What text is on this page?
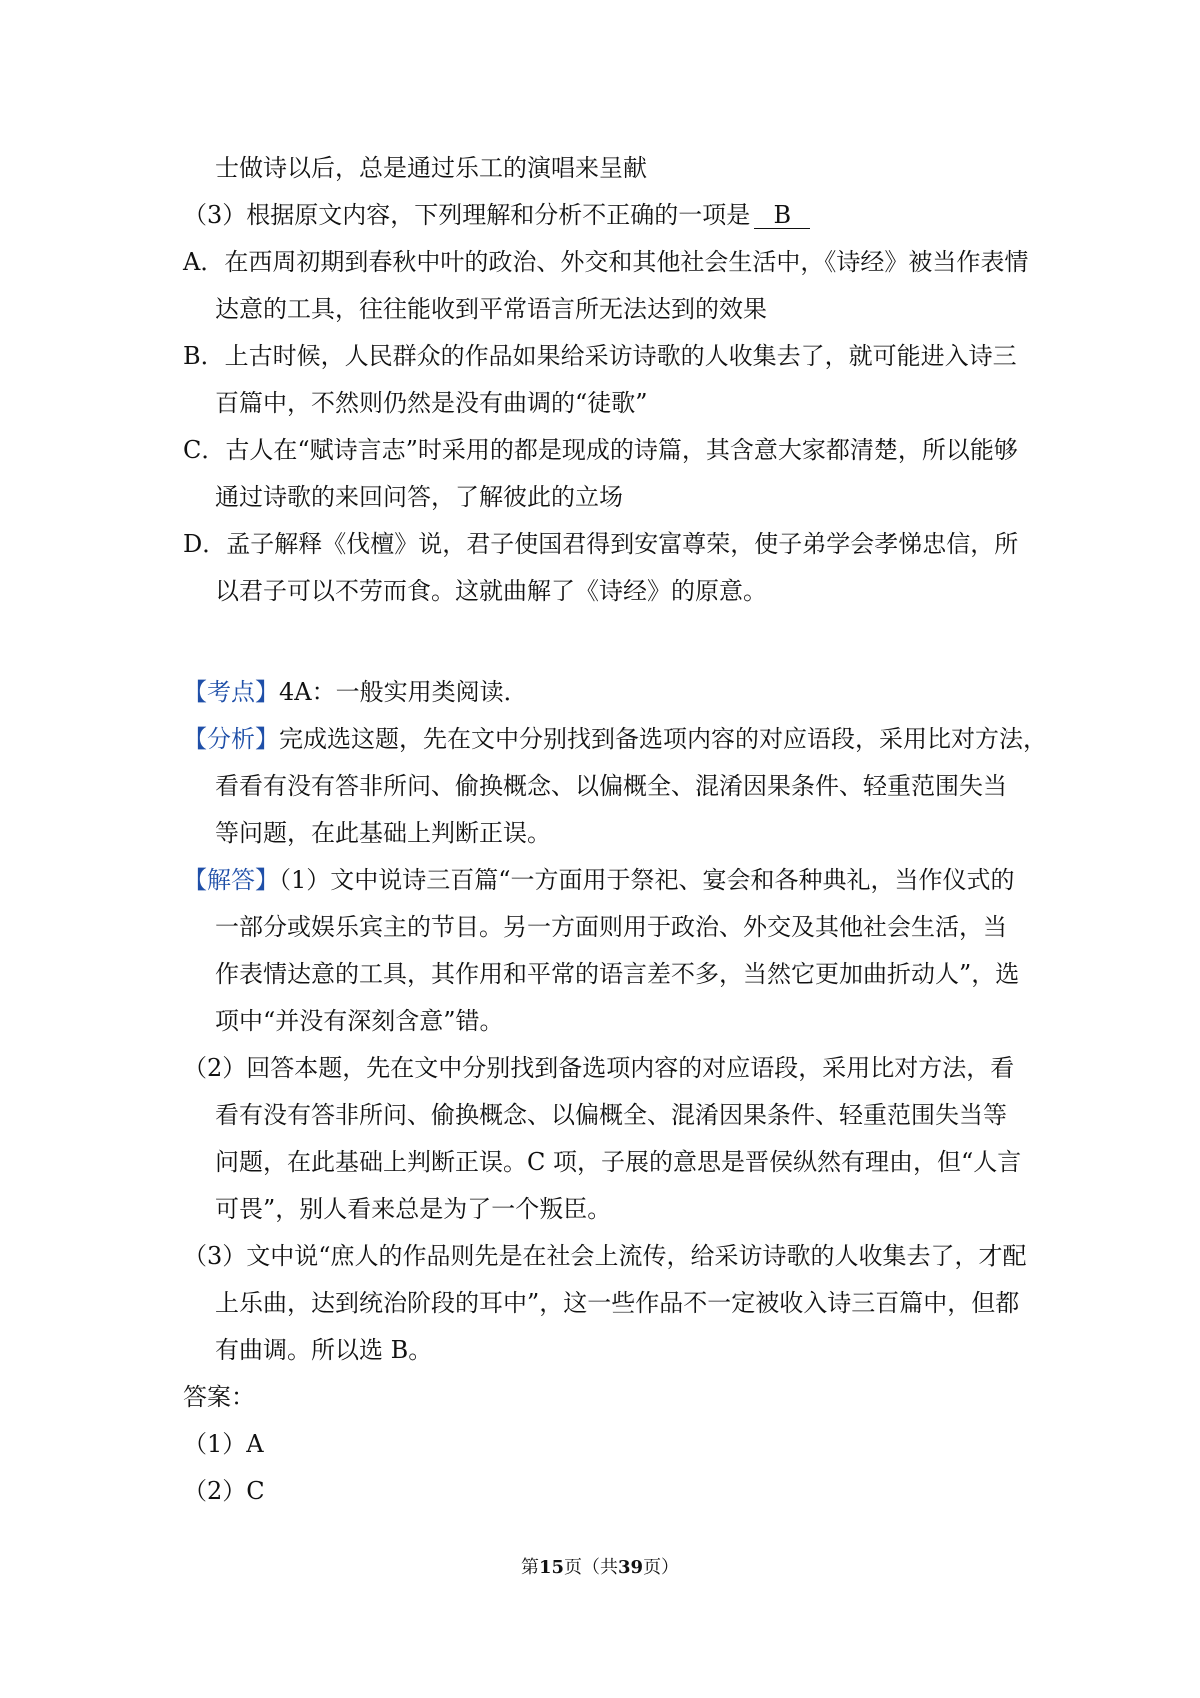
士做诗以后，总是通过乐工的演唱来呈献
（3）根据原文内容，下列理解和分析不正确的一项是 B
A．在西周初期到春秋中叶的政治、外交和其他社会生活中，《诗经》被当作表情
达意的工具，往往能收到平常语言所无法达到的效果
B．上古时候，人民群众的作品如果给采访诗歌的人收集去了，就可能进入诗三
百篇中，不然则仍然是没有曲调的“徒歌”
C．古人在“赋诗言志”时采用的都是现成的诗篇，其含意大家都清楚，所以能够
通过诗歌的来回问答，了解彼此的立场
D．孟子解释《伐檀》说，君子使国君得到安富尊荣，使子弟学会孝悌忠信，所
以君子可以不劳而食。这就曲解了《诗经》的原意。
【考点】4A：一般实用类阅读．
【分析】完成选这题，先在文中分别找到备选项内容的对应语段，采用比对方法，
看看有没有答非所问、偷换概念、以偏概全、混淆因果条件、轻重范围失当
等问题，在此基础上判断正误。
【解答】（1）文中说诗三百篇“一方面用于祭祀、宴会和各种典礼，当作仪式的
一部分或娱乐宾主的节目。另一方面则用于政治、外交及其他社会生活，当
作表情达意的工具，其作用和平常的语言差不多，当然它更加曲折动人”，选
项中“并没有深刻含意”错。
（2）回答本题，先在文中分别找到备选项内容的对应语段，采用比对方法，看
看有没有答非所问、偷换概念、以偏概全、混淆因果条件、轻重范围失当等
问题，在此基础上判断正误。C 项，子展的意思是晋侯纵然有理由，但“人言
可畏”，别人看来总是为了一个叛臣。
（3）文中说“庶人的作品则先是在社会上流传，给采访诗歌的人收集去了，才配
上乐曲，达到统治阶段的耳中”，这一些作品不一定被收入诗三百篇中，但都
有曲调。所以选 B。
答案：
（1）A
（2）C
第15页（共39页）
